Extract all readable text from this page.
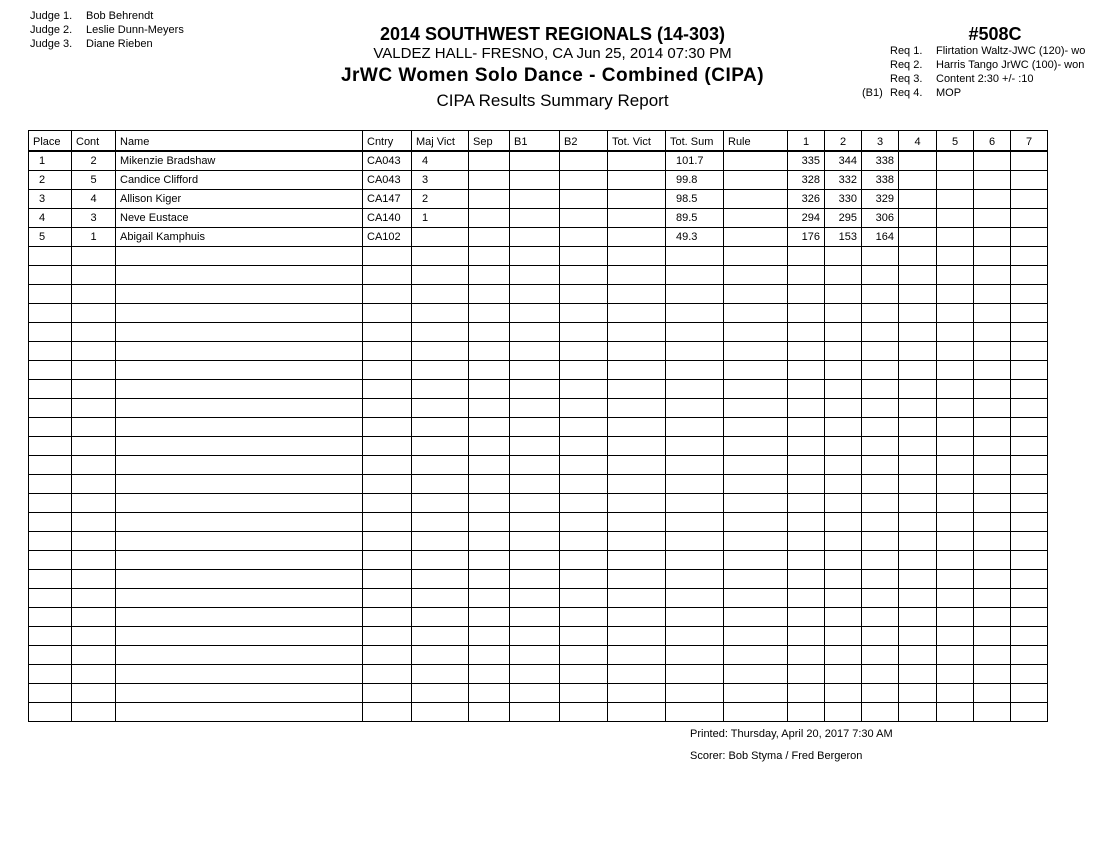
Judge 1. Bob Behrendt
Judge 2. Leslie Dunn-Meyers
Judge 3. Diane Rieben	2014 SOUTHWEST REGIONALS (14-303)
VALDEZ HALL- FRESNO, CA Jun 25, 2014 07:30 PM
JrWC Women Solo Dance - Combined (CIPA)
CIPA Results Summary Report
#508C
Req 1. Flirtation Waltz-JWC (120)- wo
Req 2. Harris Tango JrWC (100)- won
Req 3. Content 2:30 +/- :10
(B1) Req 4. MOP
Place	Cont	Name	Cntry	Maj Vict	Sep	B1	B2	Tot. Vict	Tot. Sum	Rule	1	2	3	4	5	6	7
1	2	Mikenzie Bradshaw	CA043	4					101.7		335	344	338				
2	5	Candice Clifford	CA043	3					99.8		328	332	338				
3	4	Allison Kiger	CA147	2					98.5		326	330	329				
4	3	Neve Eustace	CA140	1					89.5		294	295	306				
5	1	Abigail Kamphuis	CA102						49.3		176	153	164				

Printed: Thursday, April 20, 2017 7:30 AM
Scorer: Bob Styma / Fred Bergeron
